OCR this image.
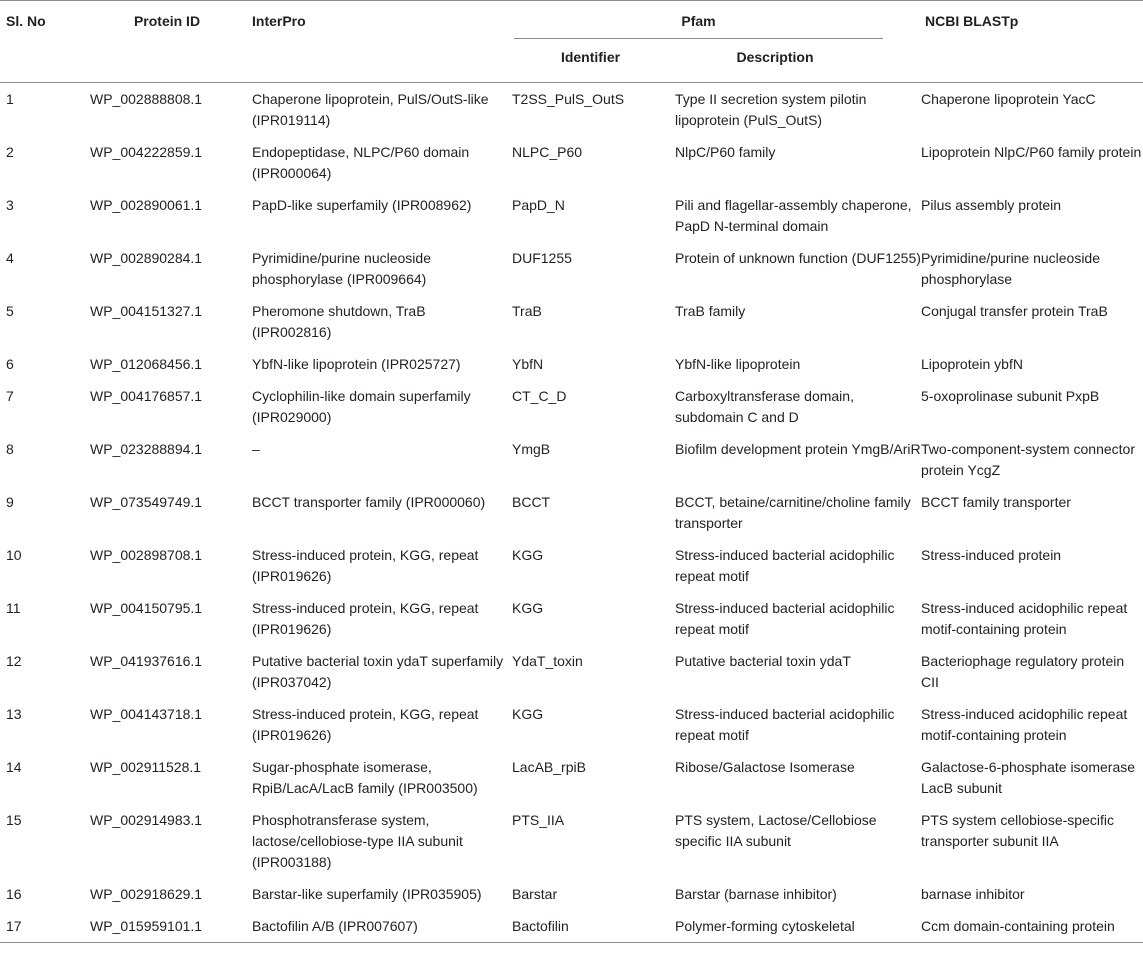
Sl. No	Protein ID	InterPro	Pfam		NCBI BLASTp
			Identifier	Description	
1	WP_002888808.1	Chaperone lipoprotein, PulS/OutS-like (IPR019114)	T2SS_PulS_OutS	Type II secretion system pilotin lipoprotein (PulS_OutS)	Chaperone lipoprotein YacC
2	WP_004222859.1	Endopeptidase, NLPC/P60 domain (IPR000064)	NLPC_P60	NlpC/P60 family	Lipoprotein NlpC/P60 family protein
3	WP_002890061.1	PapD-like superfamily (IPR008962)	PapD_N	Pili and flagellar-assembly chaperone, PapD N-terminal domain	Pilus assembly protein
4	WP_002890284.1	Pyrimidine/purine nucleoside phosphorylase (IPR009664)	DUF1255	Protein of unknown function (DUF1255)	Pyrimidine/purine nucleoside phosphorylase
5	WP_004151327.1	Pheromone shutdown, TraB (IPR002816)	TraB	TraB family	Conjugal transfer protein TraB
6	WP_012068456.1	YbfN-like lipoprotein (IPR025727)	YbfN	YbfN-like lipoprotein	Lipoprotein ybfN
7	WP_004176857.1	Cyclophilin-like domain superfamily (IPR029000)	CT_C_D	Carboxyltransferase domain, subdomain C and D	5-oxoprolinase subunit PxpB
8	WP_023288894.1	–	YmgB	Biofilm development protein YmgB/AriR	Two-component-system connector protein YcgZ
9	WP_073549749.1	BCCT transporter family (IPR000060)	BCCT	BCCT, betaine/carnitine/choline family transporter	BCCT family transporter
10	WP_002898708.1	Stress-induced protein, KGG, repeat (IPR019626)	KGG	Stress-induced bacterial acidophilic repeat motif	Stress-induced protein
11	WP_004150795.1	Stress-induced protein, KGG, repeat (IPR019626)	KGG	Stress-induced bacterial acidophilic repeat motif	Stress-induced acidophilic repeat motif-containing protein
12	WP_041937616.1	Putative bacterial toxin ydaT superfamily (IPR037042)	YdaT_toxin	Putative bacterial toxin ydaT	Bacteriophage regulatory protein CII
13	WP_004143718.1	Stress-induced protein, KGG, repeat (IPR019626)	KGG	Stress-induced bacterial acidophilic repeat motif	Stress-induced acidophilic repeat motif-containing protein
14	WP_002911528.1	Sugar-phosphate isomerase, RpiB/LacA/LacB family (IPR003500)	LacAB_rpiB	Ribose/Galactose Isomerase	Galactose-6-phosphate isomerase LacB subunit
15	WP_002914983.1	Phosphotransferase system, lactose/cellobiose-type IIA subunit (IPR003188)	PTS_IIA	PTS system, Lactose/Cellobiose specific IIA subunit	PTS system cellobiose-specific transporter subunit IIA
16	WP_002918629.1	Barstar-like superfamily (IPR035905)	Barstar	Barstar (barnase inhibitor)	barnase inhibitor
17	WP_015959101.1	Bactofilin A/B (IPR007607)	Bactofilin	Polymer-forming cytoskeletal	Ccm domain-containing protein
